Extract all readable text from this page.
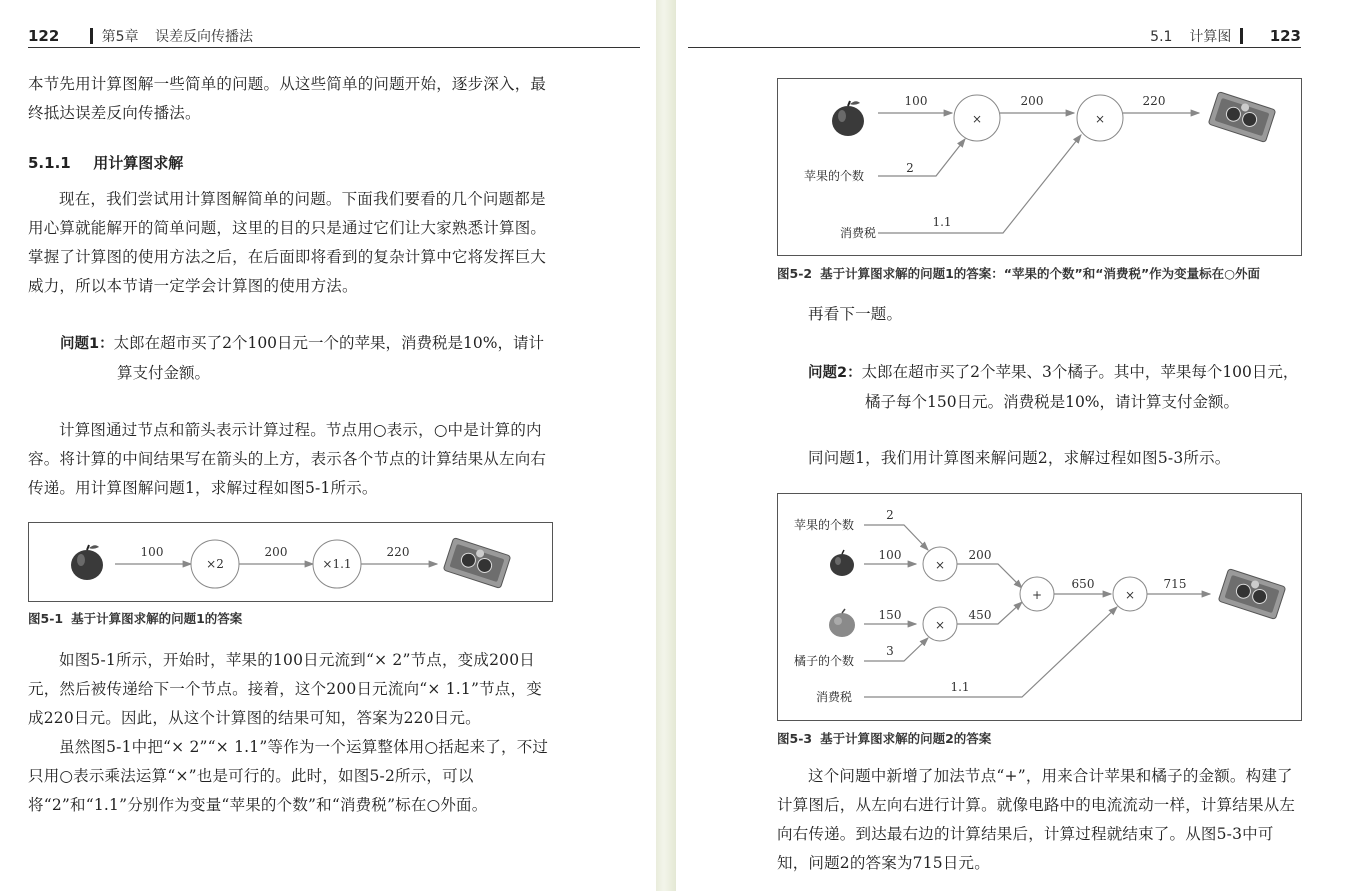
122	第5章 误差反向传播法

本节先用计算图解一些简单的问题。从这些简单的问题开始，逐步深入，最终抵达误差反向传播法。

5.1.1 用计算图求解

现在，我们尝试用计算图解简单的问题。下面我们要看的几个问题都是用心算就能解开的简单问题，这里的目的只是通过它们让大家熟悉计算图。掌握了计算图的使用方法之后，在后面即将看到的复杂计算中它将发挥巨大威力，所以本节请一定学会计算图的使用方法。

问题1：太郎在超市买了2个100日元一个的苹果，消费税是10%，请计
算支付金额。

计算图通过节点和箭头表示计算过程。节点用○表示，○中是计算的内容。将计算的中间结果写在箭头的上方，表示各个节点的计算结果从左向右传递。用计算图解问题1，求解过程如图5-1所示。

100
×2
200
×1.1
220
图5-1 基于计算图求解的问题1的答案

如图5-1所示，开始时，苹果的100日元流到“× 2”节点，变成200日元，然后被传递给下一个节点。接着，这个200日元流向“× 1.1”节点，变成220日元。因此，从这个计算图的结果可知，答案为220日元。

虽然图5-1中把“× 2”“× 1.1”等作为一个运算整体用○括起来了，不过只用○表示乘法运算“×”也是可行的。此时，如图5-2所示，可以将“2”和“1.1”分别作为变量“苹果的个数”和“消费税”标在○外面。

5.1 计算图	123
100
×
200
×
220
苹果的个数
2
消费税
1.1
图5-2 基于计算图求解的问题1的答案：“苹果的个数”和“消费税”作为变量标在○外面

再看下一题。

问题2：太郎在超市买了2个苹果、3个橘子。其中，苹果每个100日元，
橘子每个150日元。消费税是10%，请计算支付金额。

同问题1，我们用计算图来解问题2，求解过程如图5-3所示。

苹果的个数
2
100
×
200
150
×
450
橘子的个数
3
+
650
×
715
消费税
1.1
图5-3 基于计算图求解的问题2的答案

这个问题中新增了加法节点“+”，用来合计苹果和橘子的金额。构建了计算图后，从左向右进行计算。就像电路中的电流流动一样，计算结果从左向右传递。到达最右边的计算结果后，计算过程就结束了。从图5-3中可知，问题2的答案为715日元。
